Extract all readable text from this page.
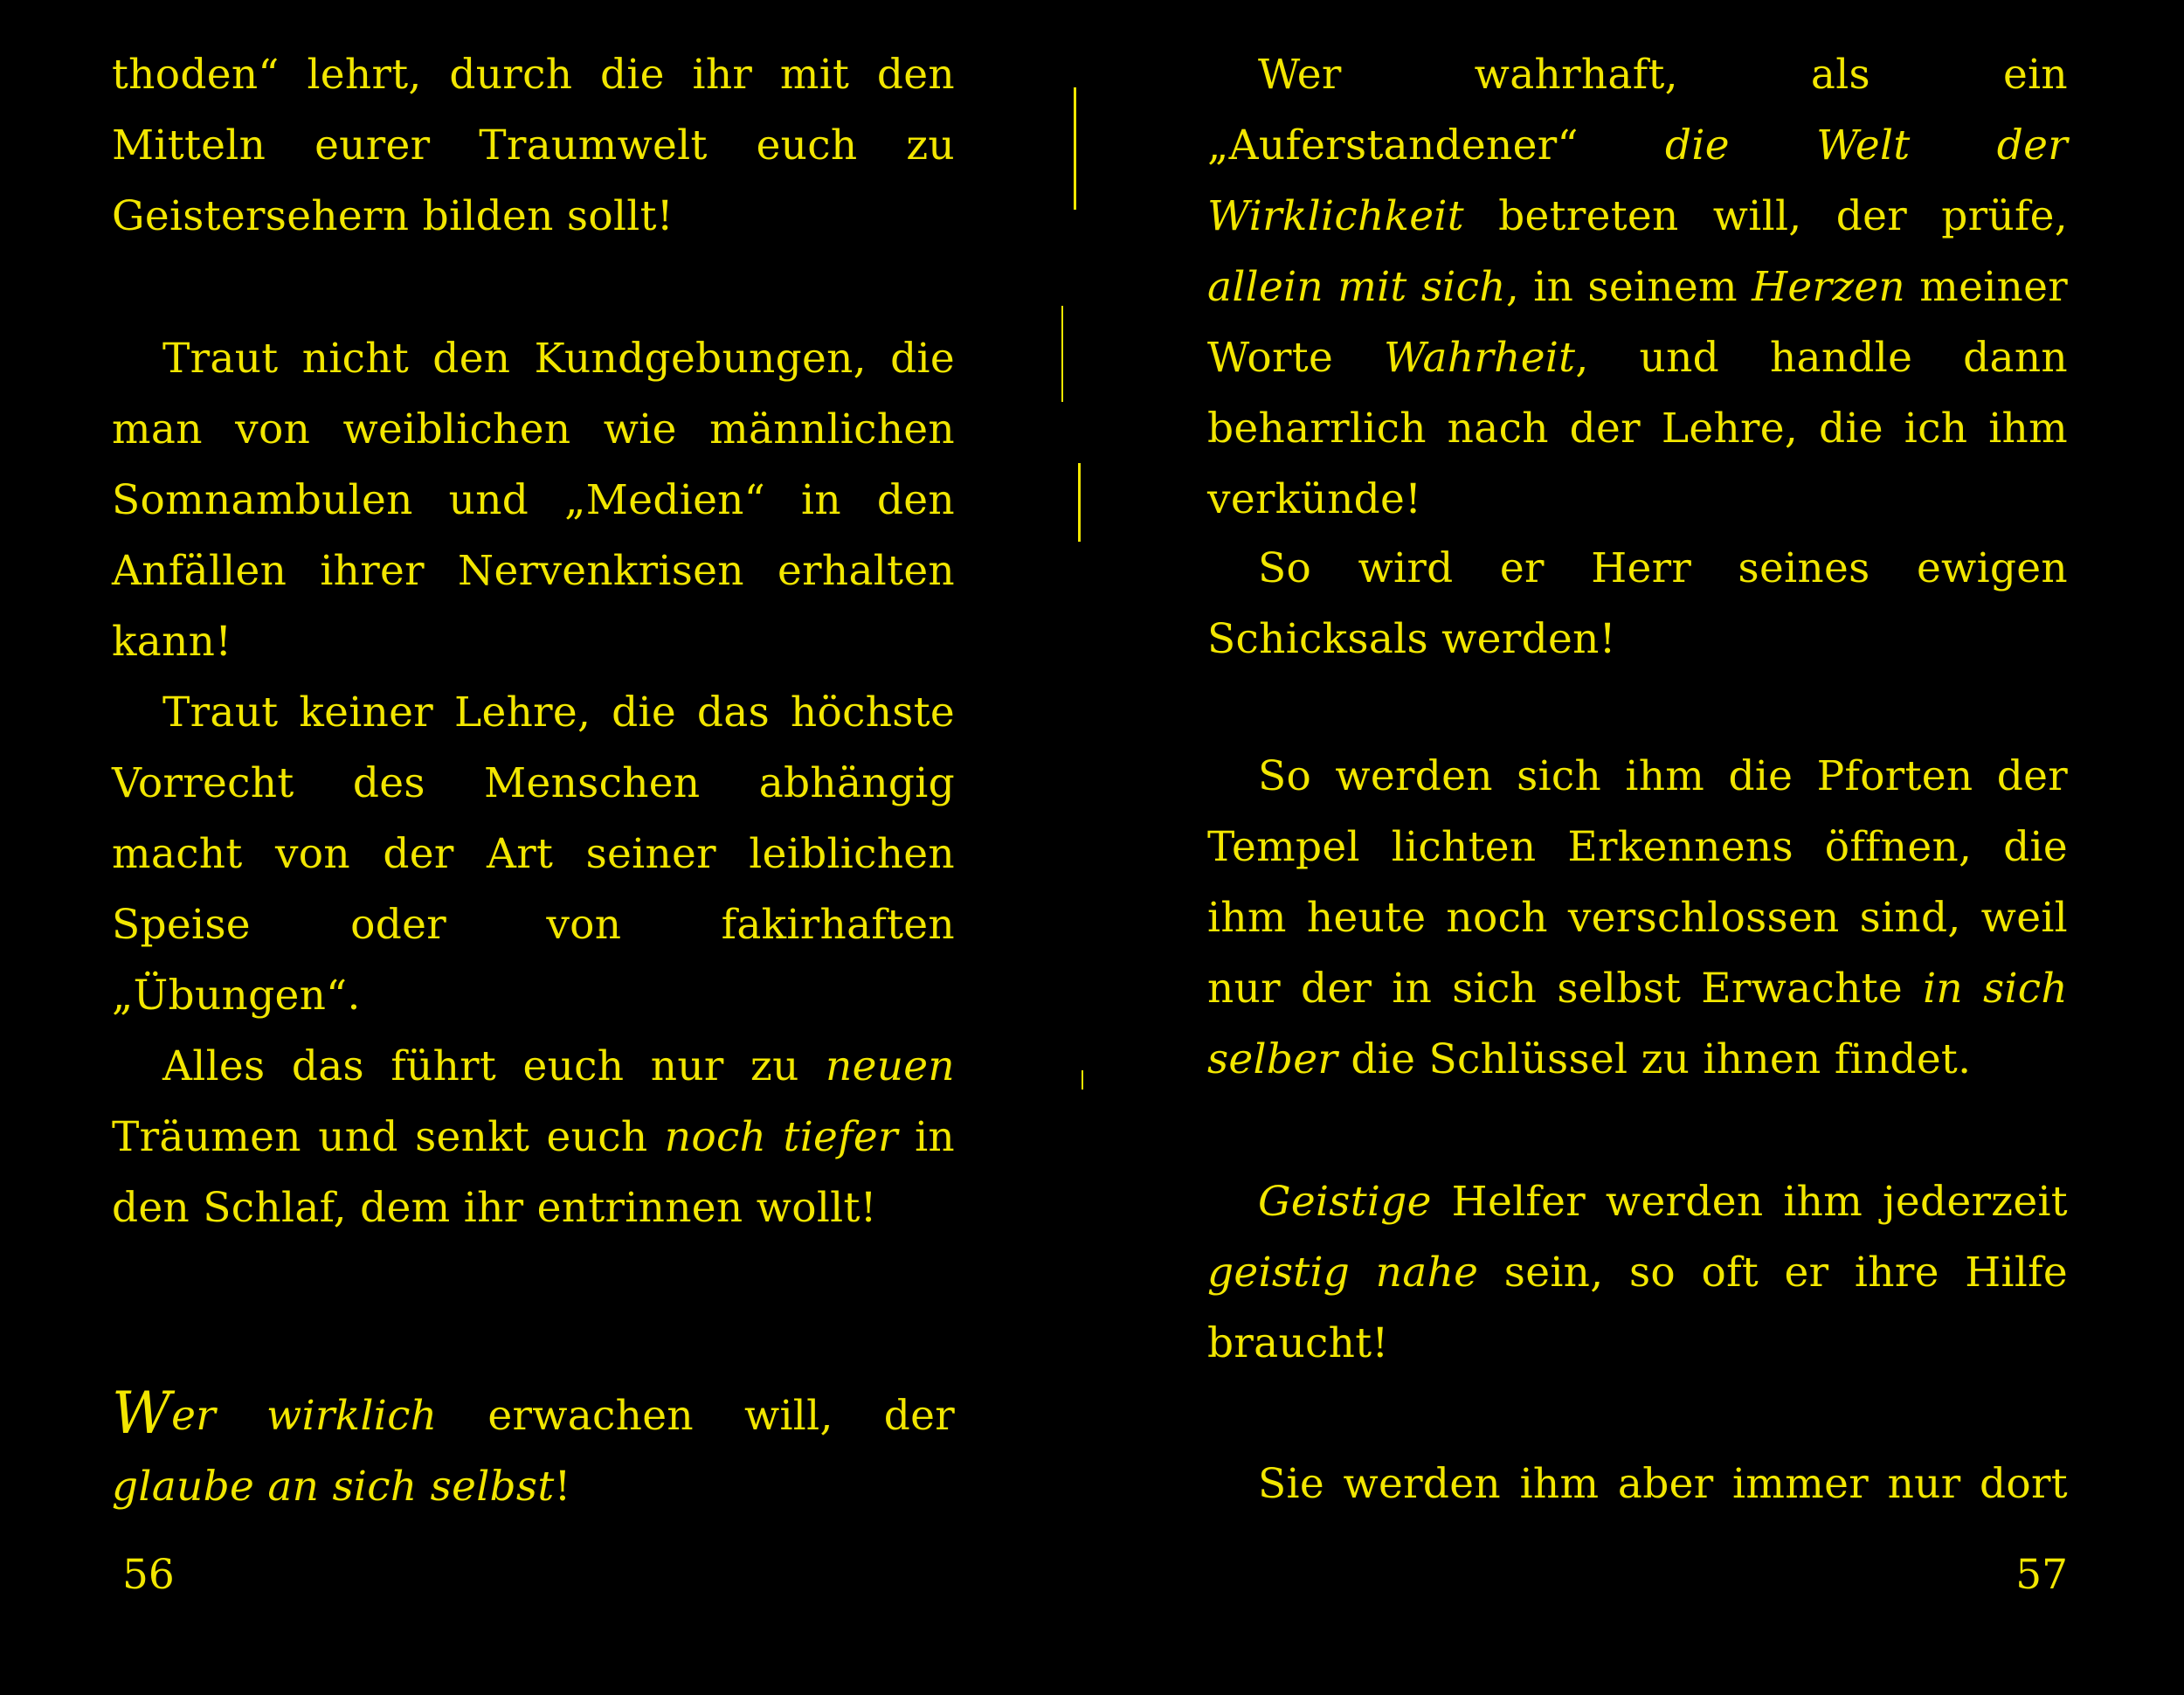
thoden“ lehrt, durch die ihr mit den Mitteln eurer Traumwelt euch zu Geistersehern bilden sollt!

Traut nicht den Kundgebungen, die man von weiblichen wie männlichen Somnambulen und „Medien“ in den Anfällen ihrer Nervenkrisen erhalten kann!

Traut keiner Lehre, die das höchste Vorrecht des Menschen abhängig macht von der Art seiner leiblichen Speise oder von fakirhaften „Übungen“.

Alles das führt euch nur zu neuen Träumen und senkt euch noch tiefer in den Schlaf, dem ihr entrinnen wollt!

Wer wirklich erwachen will, der glaube an sich selbst!

56

Wer wahrhaft, als ein „Auferstandener“ die Welt der Wirklichkeit betreten will, der prüfe, allein mit sich, in seinem Herzen meiner Worte Wahrheit, und handle dann beharrlich nach der Lehre, die ich ihm verkünde!

So wird er Herr seines ewigen Schicksals werden!

So werden sich ihm die Pforten der Tempel lichten Erkennens öffnen, die ihm heute noch verschlossen sind, weil nur der in sich selbst Erwachte in sich selber die Schlüssel zu ihnen findet.

Geistige Helfer werden ihm jederzeit geistig nahe sein, so oft er ihre Hilfe braucht!

Sie werden ihm aber immer nur dort

57
